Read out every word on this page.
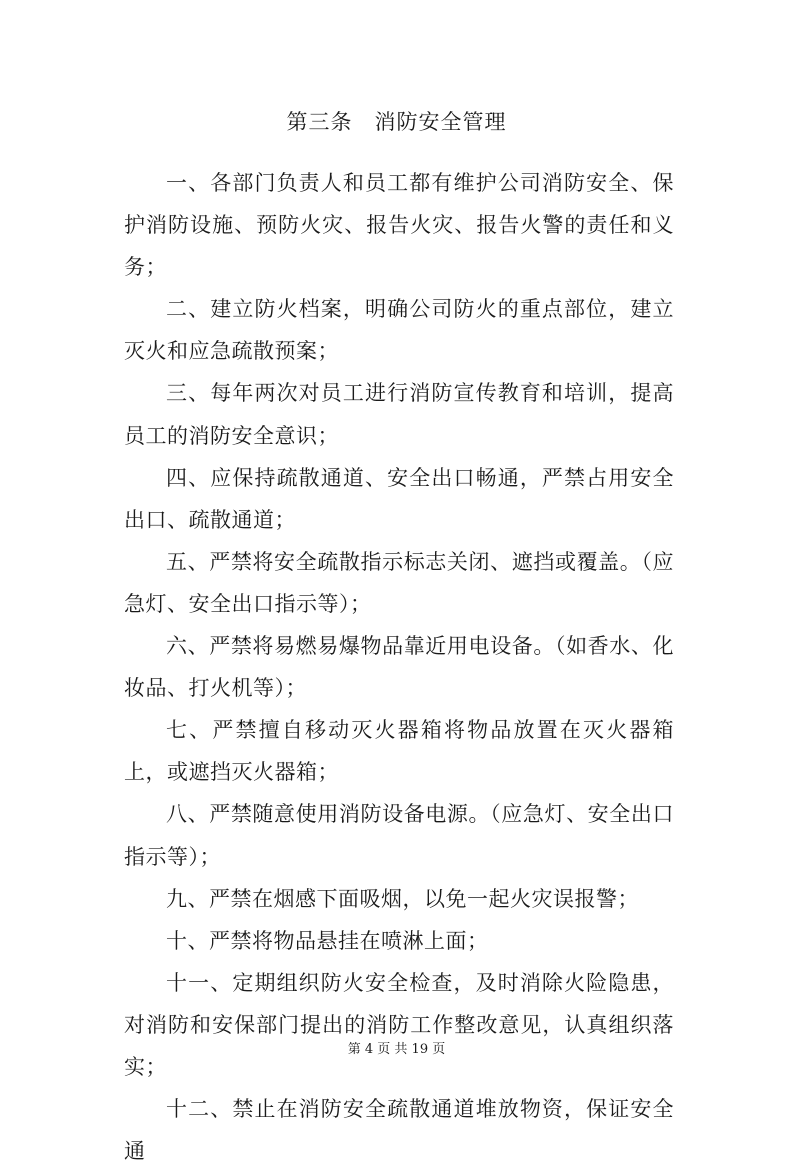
第三条　消防安全管理

一、各部门负责人和员工都有维护公司消防安全、保护消防设施、预防火灾、报告火灾、报告火警的责任和义务；

二、建立防火档案，明确公司防火的重点部位，建立灭火和应急疏散预案；

三、每年两次对员工进行消防宣传教育和培训，提高员工的消防安全意识；

四、应保持疏散通道、安全出口畅通，严禁占用安全出口、疏散通道；

五、严禁将安全疏散指示标志关闭、遮挡或覆盖。（应急灯、安全出口指示等）；

六、严禁将易燃易爆物品靠近用电设备。（如香水、化妆品、打火机等）；

七、严禁擅自移动灭火器箱将物品放置在灭火器箱上，或遮挡灭火器箱；

八、严禁随意使用消防设备电源。（应急灯、安全出口指示等）；

九、严禁在烟感下面吸烟，以免一起火灾误报警；

十、严禁将物品悬挂在喷淋上面；

十一、定期组织防火安全检查，及时消除火险隐患，对消防和安保部门提出的消防工作整改意见，认真组织落实；

十二、禁止在消防安全疏散通道堆放物资，保证安全通

第 4 页 共 19 页
